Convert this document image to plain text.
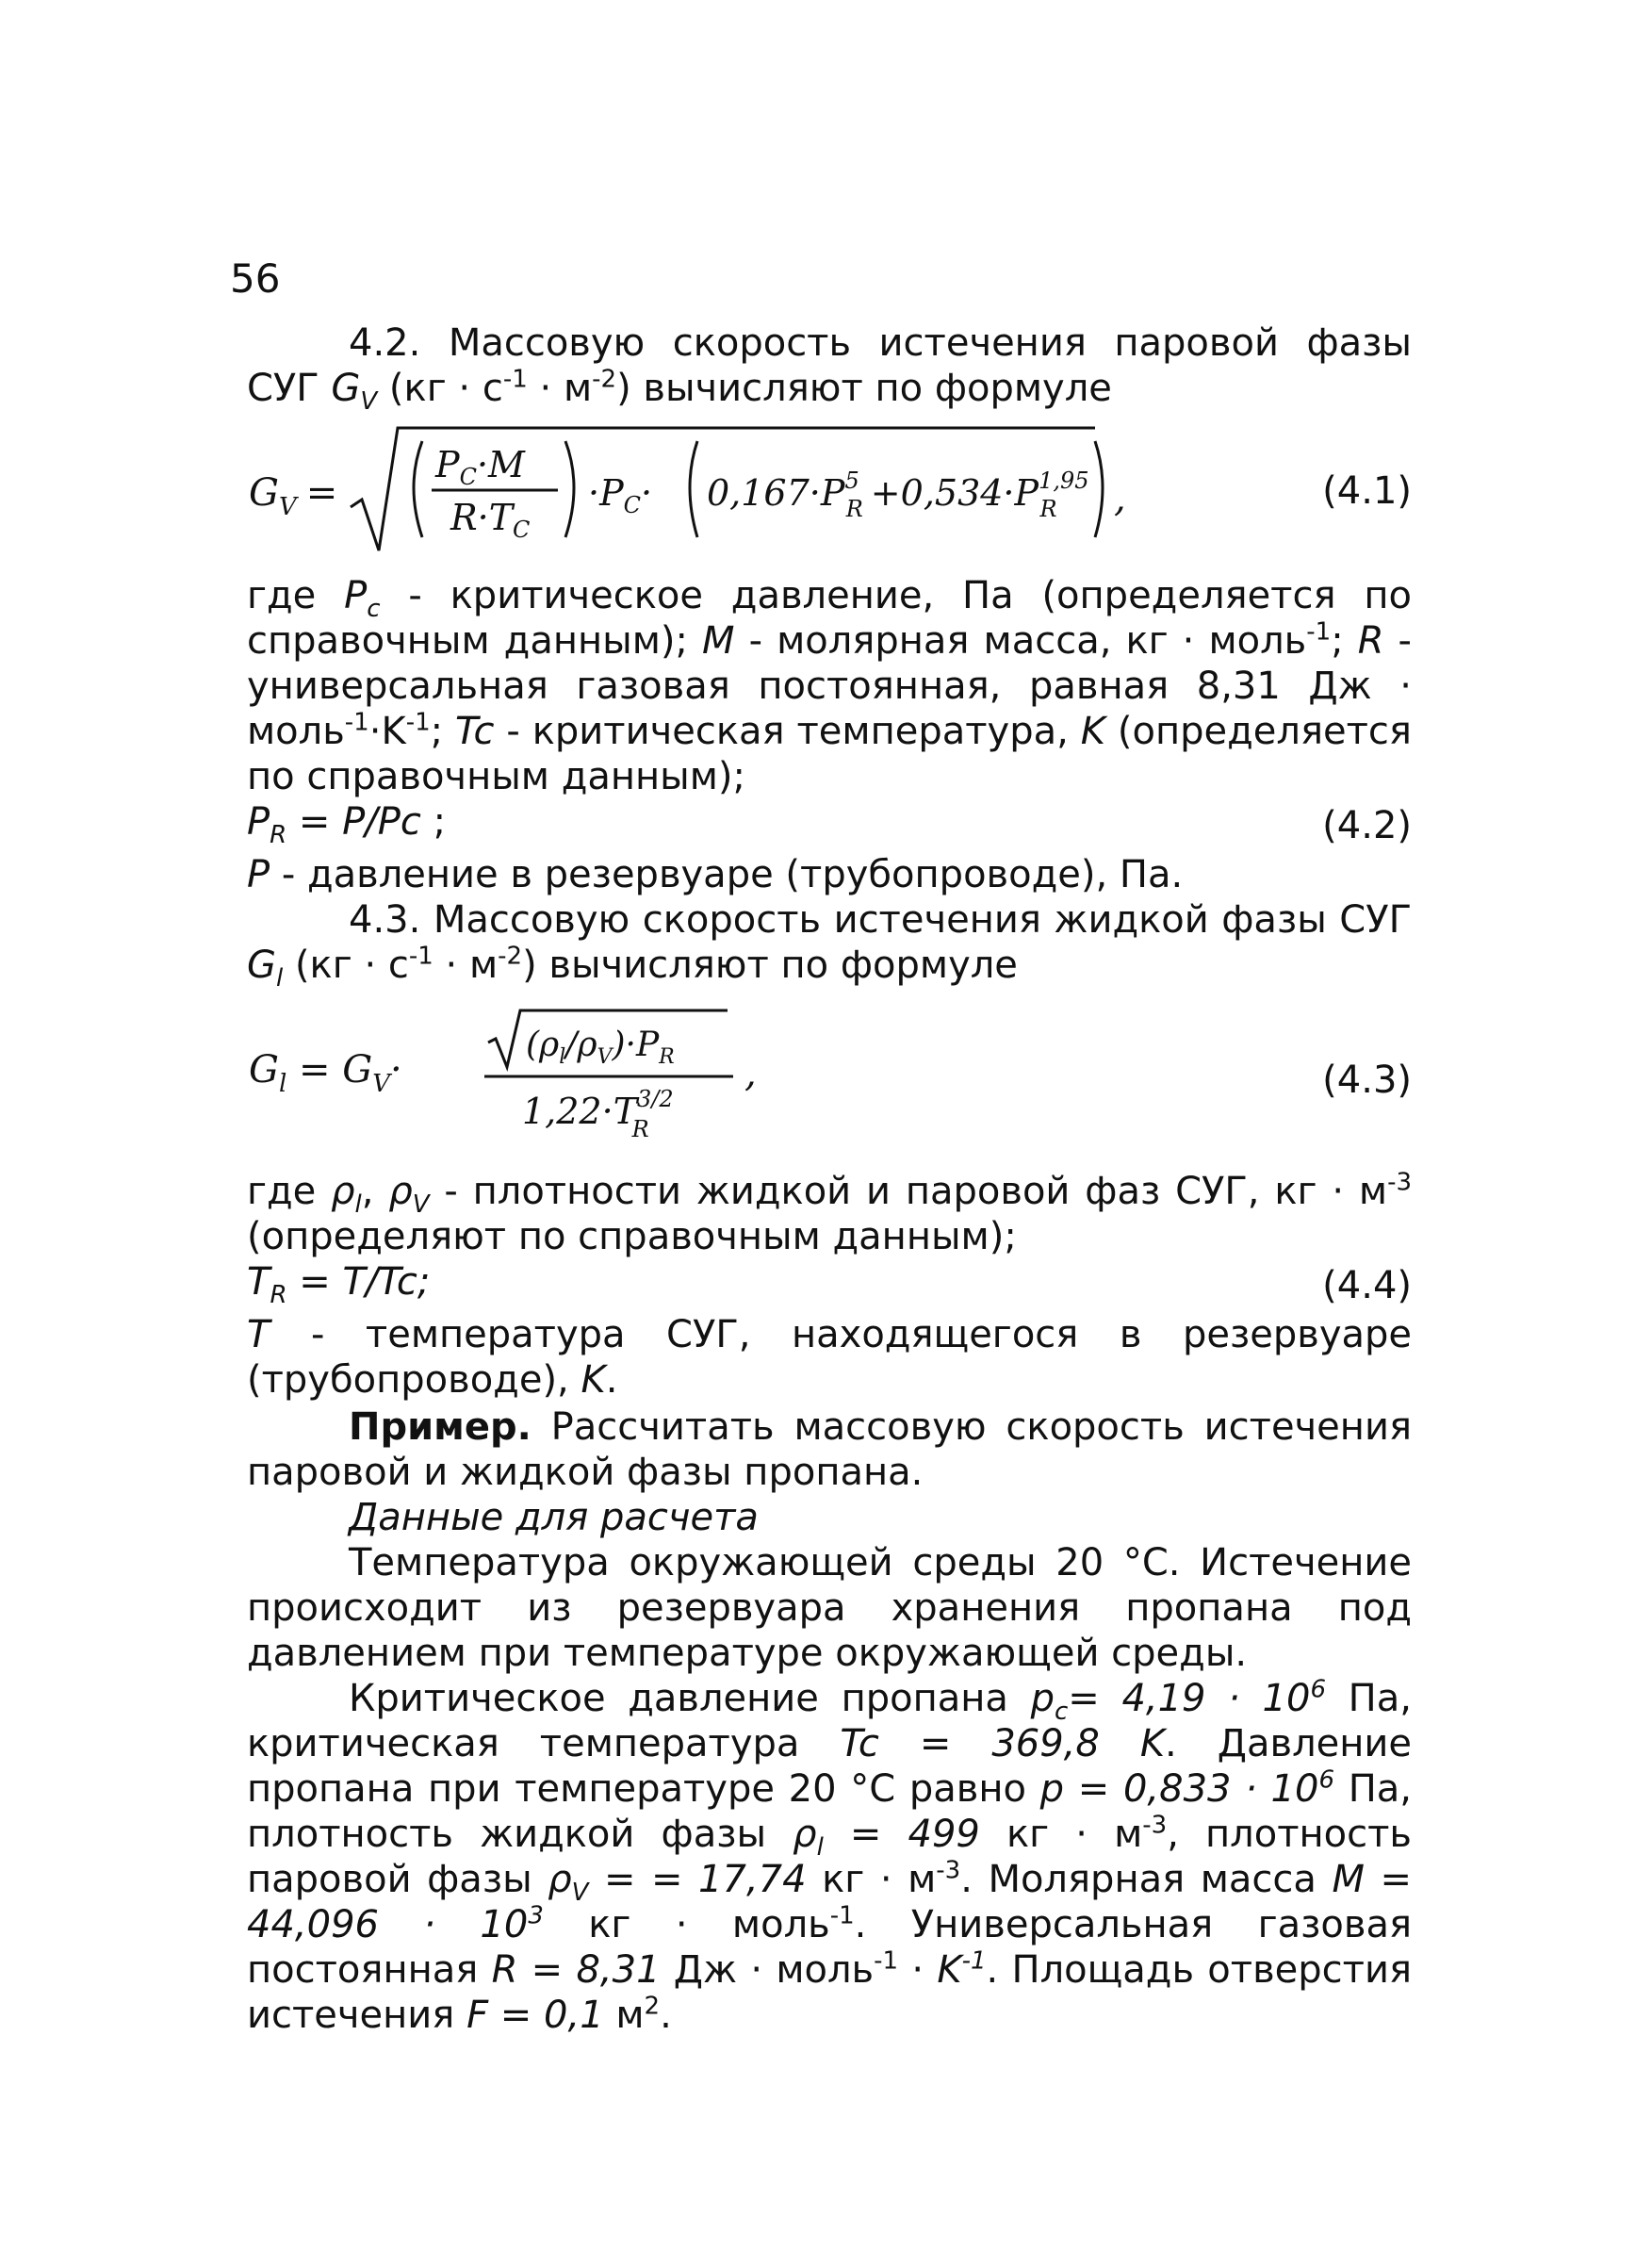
56

4.2. Массовую скорость истечения паровой фазы СУГ $G_V$ $(кг \cdot с^{-1} \cdot м^{-2})$ вычисляют по формуле

$G_V$ =
$P_C\cdot M$
$R\cdot T_C$
$\cdot P_C\cdot 0,167\cdot P^5$ $R +0,534\cdot P^{1,95}$ R	,	(4.1)

где $P_c$ - критическое давление, Па (определяется по справочным данным); M - молярная масса, кг · моль$^{-1}$; R - универсальная газовая постоянная, равная 8,31 Дж · $моль^{-1}\cdot K^{-1}$; Tc - критическая температура, K (определяется по справочным данным);

$P_R = P/Pc$ ;	(4.2)

P - давление в резервуаре (трубопроводе), Па.

4.3. Массовую скорость истечения жидкой фазы СУГ $G_l$ $(кг \cdot с^{-1} \cdot м^{-2})$ вычисляют по формуле

$G_l = G_V\cdot$
$(\rho_l/\rho_V)\cdot P_R$
$1,22\cdot T^{3/2}$ R
,	(4.3)

где $\rho_l$, $\rho_V$ - плотности жидкой и паровой фаз СУГ, кг · $м^{-3}$ (определяют по справочным данным);

$T_R = T/Tc$;	(4.4)

T - температура СУГ, находящегося в резервуаре (трубопроводе), K.

Пример. Рассчитать массовую скорость истечения паровой и жидкой фазы пропана.

Данные для расчета

Температура окружающей среды 20 °C. Истечение происходит из резервуара хранения пропана под давлением при температуре окружающей среды.

Критическое давление пропана $p_c= 4,19 \cdot 10^6$ Па, критическая температура Tc = 369,8 K. Давление пропана при температуре 20 °C равно $p = 0,833 \cdot 10^6$ Па, плотность жидкой фазы $\rho_l = 499$ кг · $м^{-3}$, плотность паровой фазы $\rho_V$ = = 17,74 кг · $м^{-3}$. Молярная масса $M = 44,096 \cdot 10^3$ кг · моль$^{-1}$. Универсальная газовая постоянная R = 8,31 Дж · моль$^{-1}$ · $K^{-1}$. Площадь отверстия истечения F = 0,1 $м^2$.
